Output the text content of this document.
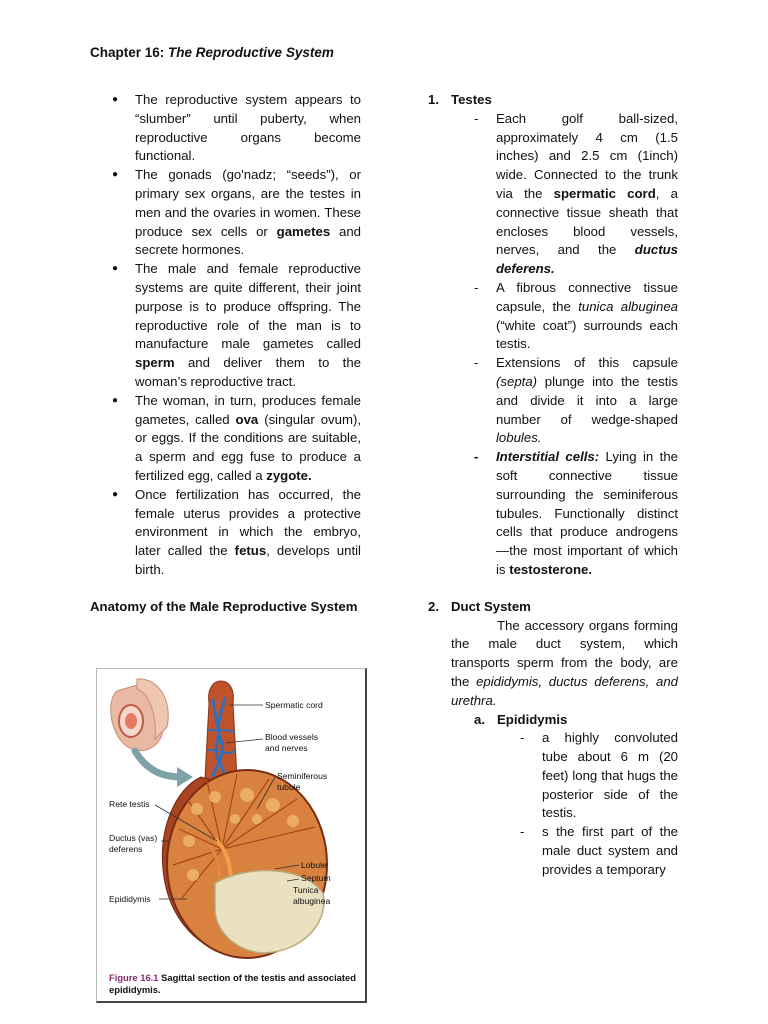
Chapter 16: The Reproductive System
● The reproductive system appears to “slumber” until puberty, when reproductive organs become functional.
● The gonads (go'nadz; “seeds”), or primary sex organs, are the testes in men and the ovaries in women. These produce sex cells or gametes and secrete hormones.
● The male and female reproductive systems are quite different, their joint purpose is to produce offspring. The reproductive role of the man is to manufacture male gametes called sperm and deliver them to the woman’s reproductive tract.
● The woman, in turn, produces female gametes, called ova (singular ovum), or eggs. If the conditions are suitable, a sperm and egg fuse to produce a fertilized egg, called a zygote.
● Once fertilization has occurred, the female uterus provides a protective environment in which the embryo, later called the fetus, develops until birth.
Anatomy of the Male Reproductive System
Spermatic cord
Blood vessels
and nerves
Seminiferous
tubule
Rete testis
Ductus (vas)
deferens
Lobule
Septum
Tunica
albuginea
Epididymis
Figure 16.1 Sagittal section of the testis and associated epididymis.
1. Testes
- Each golf ball-sized, approximately 4 cm (1.5 inches) and 2.5 cm (1inch) wide. Connected to the trunk via the spermatic cord, a connective tissue sheath that encloses blood vessels, nerves, and the ductus deferens.
- A fibrous connective tissue capsule, the tunica albuginea (“white coat”) surrounds each testis.
- Extensions of this capsule (septa) plunge into the testis and divide it into a large number of wedge-shaped lobules.
- Interstitial cells: Lying in the soft connective tissue surrounding the seminiferous tubules. Functionally distinct cells that produce androgens—the most important of which is testosterone.
2. Duct System

The accessory organs forming the male duct system, which transports sperm from the body, are the epididymis, ductus deferens, and urethra.

a. Epididymis
- a highly convoluted tube about 6 m (20 feet) long that hugs the posterior side of the testis.
- s the first part of the male duct system and provides a temporary
